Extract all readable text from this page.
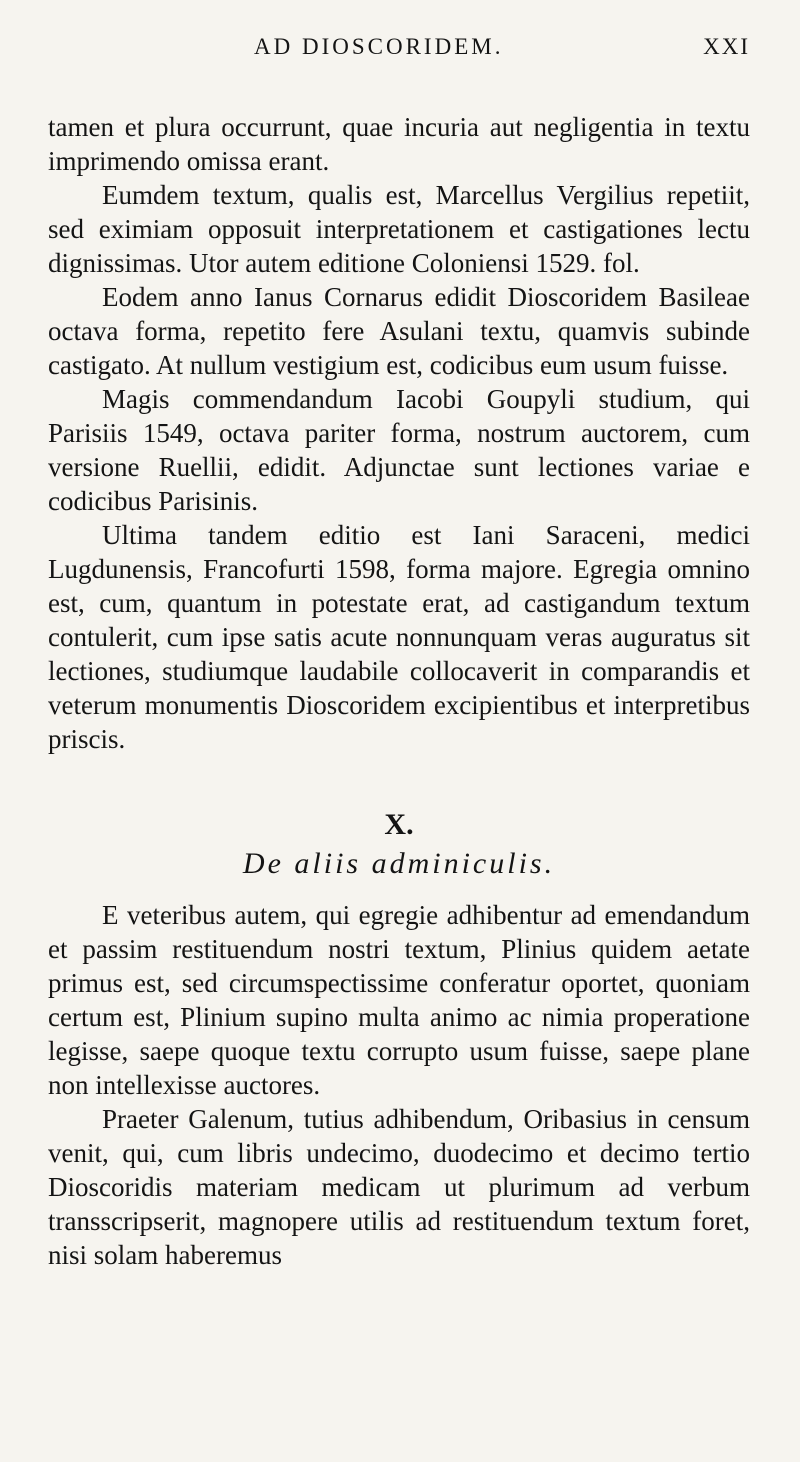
AD DIOSCORIDEM.	XXI

tamen et plura occurrunt, quae incuria aut negligentia in textu imprimendo omissa erant.

Eumdem textum, qualis est, Marcellus Vergilius repetiit, sed eximiam opposuit interpretationem et castigationes lectu dignissimas. Utor autem editione Coloniensi 1529. fol.

Eodem anno Ianus Cornarus edidit Dioscoridem Basileae octava forma, repetito fere Asulani textu, quamvis subinde castigato. At nullum vestigium est, codicibus eum usum fuisse.

Magis commendandum Iacobi Goupyli studium, qui Parisiis 1549, octava pariter forma, nostrum auctorem, cum versione Ruellii, edidit. Adjunctae sunt lectiones variae e codicibus Parisinis.

Ultima tandem editio est Iani Saraceni, medici Lugdunensis, Francofurti 1598, forma majore. Egregia omnino est, cum, quantum in potestate erat, ad castigandum textum contulerit, cum ipse satis acute nonnunquam veras auguratus sit lectiones, studiumque laudabile collocaverit in comparandis et veterum monumentis Dioscoridem excipientibus et interpretibus priscis.

X.
De aliis adminiculis.

E veteribus autem, qui egregie adhibentur ad emendandum et passim restituendum nostri textum, Plinius quidem aetate primus est, sed circumspectissime conferatur oportet, quoniam certum est, Plinium supino multa animo ac nimia properatione legisse, saepe quoque textu corrupto usum fuisse, saepe plane non intellexisse auctores.

Praeter Galenum, tutius adhibendum, Oribasius in censum venit, qui, cum libris undecimo, duodecimo et decimo tertio Dioscoridis materiam medicam ut plurimum ad verbum transscripserit, magnopere utilis ad restituendum textum foret, nisi solam haberemus
